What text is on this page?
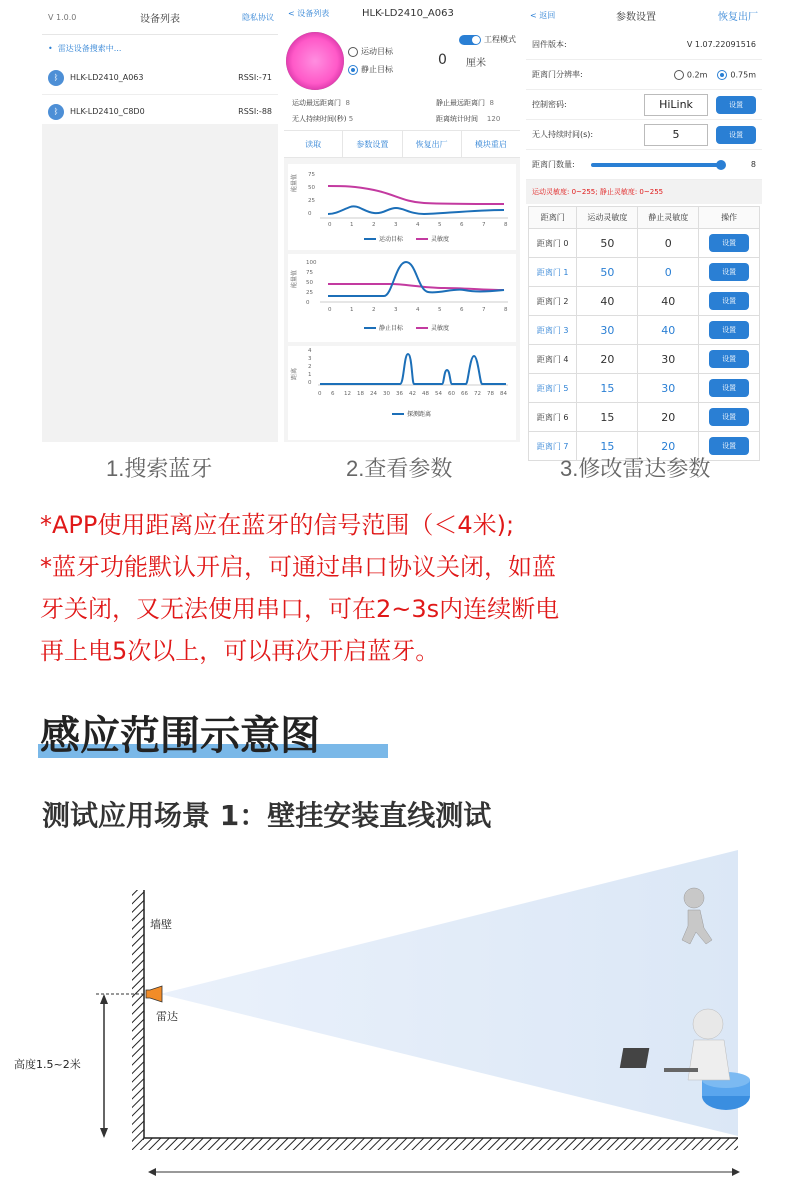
V 1.0.0	设备列表	隐私协议
• 雷达设备搜索中...
ᛒ	HLK-LD2410_A063	RSSI:-71
ᛒ	HLK-LD2410_C8D0	RSSI:-88
< 设备列表	HLK-LD2410_A063
运动目标
静止目标
工程模式
0 厘米
运动最远距离门 8	静止最远距离门 8
无人持续时间(秒) 5	距离统计时间 120
读取	参数设置	恢复出厂	模块重启
能量值
能量值
距离
75
50
25
0
0	1	2	3	4	5	6	7	8
100
75
50
25
0
0	1	2	3	4	5	6	7	8
4
3
2
1
0
0 6 12 18 24 30 36 42 48 54 60 66 72 78 84
运动目标	灵敏度
静止目标	灵敏度
探测距离
< 返回	参数设置	恢复出厂
固件版本:	V 1.07.22091516
距离门分辨率:	0.2m	0.75m
控制密码:	HiLink	设置
无人持续时间(s):	5	设置
距离门数量:	8
运动灵敏度: 0~255; 静止灵敏度: 0~255
距离门	运动灵敏度	静止灵敏度	操作
距离门 0	50	0	设置
距离门 1	50	0	设置
距离门 2	40	40	设置
距离门 3	30	40	设置
距离门 4	20	30	设置
距离门 5	15	30	设置
距离门 6	15	20	设置
距离门 7	15	20	设置
1.搜索蓝牙	2.查看参数	3.修改雷达参数
*APP使用距离应在蓝牙的信号范围（＜4米);
*蓝牙功能默认开启，可通过串口协议关闭，如蓝
牙关闭，又无法使用串口，可在2~3s内连续断电
再上电5次以上，可以再次开启蓝牙。
感应范围示意图
测试应用场景 1：壁挂安装直线测试
墙壁
雷达
高度1.5~2米
